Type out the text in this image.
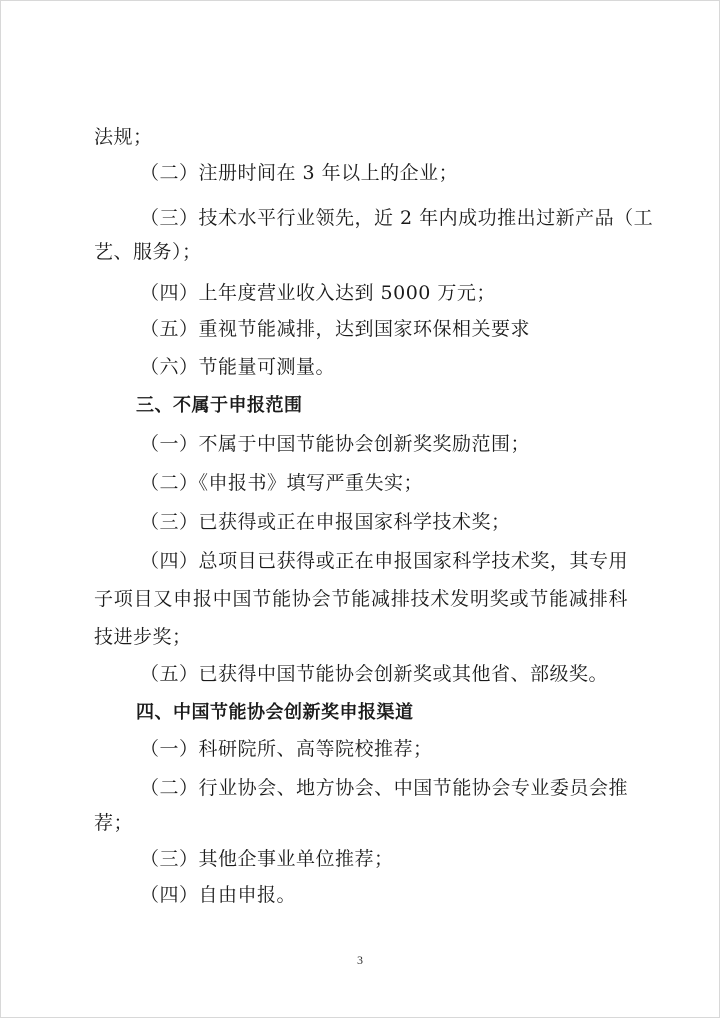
法规；
（二）注册时间在 3 年以上的企业；
（三）技术水平行业领先，近 2 年内成功推出过新产品（工
艺、服务）；
（四）上年度营业收入达到 5000 万元；
（五）重视节能减排，达到国家环保相关要求
（六）节能量可测量。
三、不属于申报范围
（一）不属于中国节能协会创新奖奖励范围；
（二）《申报书》填写严重失实；
（三）已获得或正在申报国家科学技术奖；
（四）总项目已获得或正在申报国家科学技术奖，其专用
子项目又申报中国节能协会节能减排技术发明奖或节能减排科
技进步奖；
（五）已获得中国节能协会创新奖或其他省、部级奖。
四、中国节能协会创新奖申报渠道
（一）科研院所、高等院校推荐；
（二）行业协会、地方协会、中国节能协会专业委员会推
荐；
（三）其他企事业单位推荐；
（四）自由申报。
3
